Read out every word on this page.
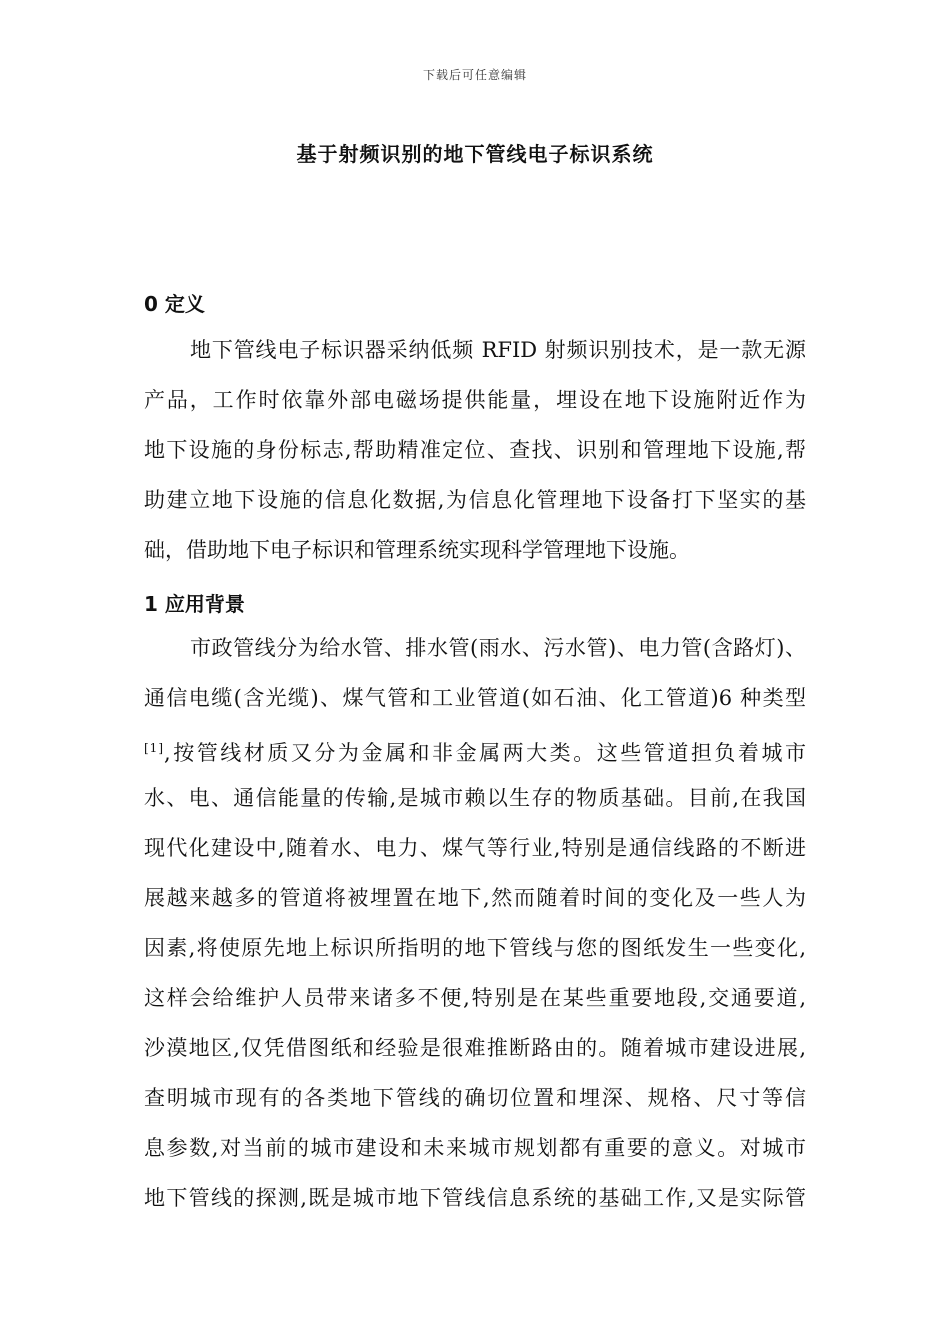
下载后可任意编辑
基于射频识别的地下管线电子标识系统
0 定义
地下管线电子标识器采纳低频 RFID 射频识别技术，是一款无源
产品，工作时依靠外部电磁场提供能量，埋设在地下设施附近作为
地下设施的身份标志,帮助精准定位、查找、识别和管理地下设施,帮
助建立地下设施的信息化数据,为信息化管理地下设备打下坚实的基
础，借助地下电子标识和管理系统实现科学管理地下设施。
1 应用背景
市政管线分为给水管、排水管(雨水、污水管)、电力管(含路灯)、
通信电缆(含光缆)、煤气管和工业管道(如石油、化工管道)6 种类型
[1],按管线材质又分为金属和非金属两大类。这些管道担负着城市
水、电、通信能量的传输,是城市赖以生存的物质基础。目前,在我国
现代化建设中,随着水、电力、煤气等行业,特别是通信线路的不断进
展越来越多的管道将被埋置在地下,然而随着时间的变化及一些人为
因素,将使原先地上标识所指明的地下管线与您的图纸发生一些变化,
这样会给维护人员带来诸多不便,特别是在某些重要地段,交通要道,
沙漠地区,仅凭借图纸和经验是很难推断路由的。随着城市建设进展,
查明城市现有的各类地下管线的确切位置和埋深、规格、尺寸等信
息参数,对当前的城市建设和未来城市规划都有重要的意义。对城市
地下管线的探测,既是城市地下管线信息系统的基础工作,又是实际管
